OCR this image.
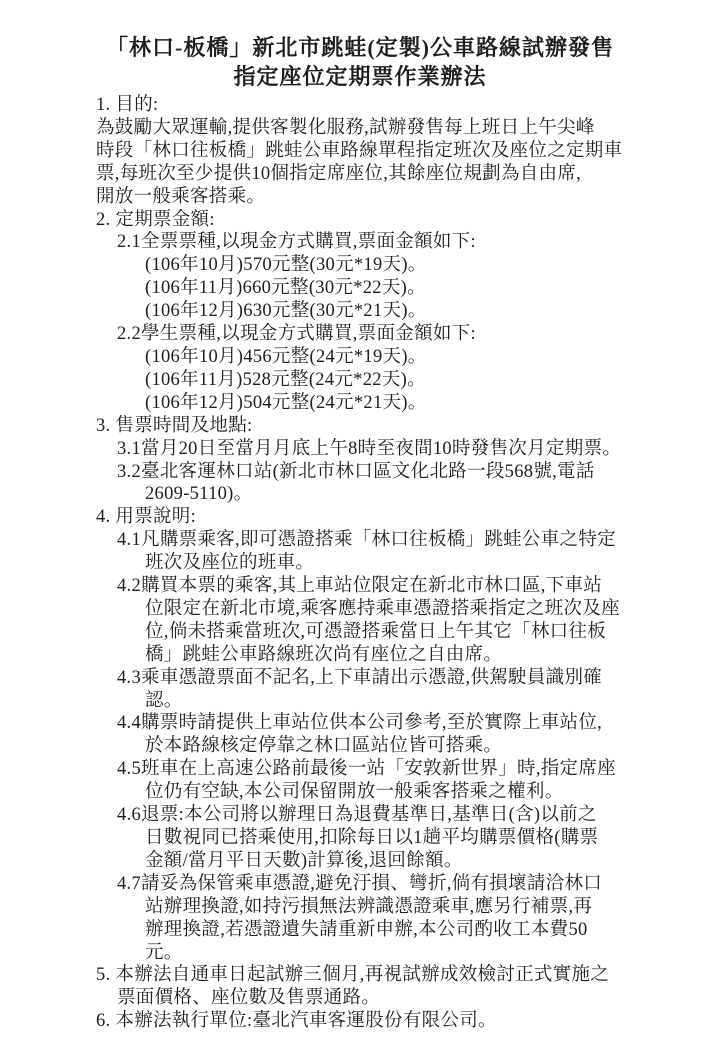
「林口-板橋」新北市跳蛙(定製)公車路線試辦發售
指定座位定期票作業辦法
1. 目的:
為鼓勵大眾運輸,提供客製化服務,試辦發售每上班日上午尖峰
時段「林口往板橋」跳蛙公車路線單程指定班次及座位之定期車
票,每班次至少提供10個指定席座位,其餘座位規劃為自由席,
開放一般乘客搭乘。
2. 定期票金額:
2.1全票票種,以現金方式購買,票面金額如下:
(106年10月)570元整(30元*19天)。
(106年11月)660元整(30元*22天)。
(106年12月)630元整(30元*21天)。
2.2學生票種,以現金方式購買,票面金額如下:
(106年10月)456元整(24元*19天)。
(106年11月)528元整(24元*22天)。
(106年12月)504元整(24元*21天)。
3. 售票時間及地點:
3.1當月20日至當月月底上午8時至夜間10時發售次月定期票。
3.2臺北客運林口站(新北市林口區文化北路一段568號,電話
2609-5110)。
4. 用票說明:
4.1凡購票乘客,即可憑證搭乘「林口往板橋」跳蛙公車之特定
班次及座位的班車。
4.2購買本票的乘客,其上車站位限定在新北市林口區,下車站
位限定在新北市境,乘客應持乘車憑證搭乘指定之班次及座
位,倘未搭乘當班次,可憑證搭乘當日上午其它「林口往板
橋」跳蛙公車路線班次尚有座位之自由席。
4.3乘車憑證票面不記名,上下車請出示憑證,供駕駛員識別確
認。
4.4購票時請提供上車站位供本公司參考,至於實際上車站位,
於本路線核定停靠之林口區站位皆可搭乘。
4.5班車在上高速公路前最後一站「安敦新世界」時,指定席座
位仍有空缺,本公司保留開放一般乘客搭乘之權利。
4.6退票:本公司將以辦理日為退費基準日,基準日(含)以前之
日數視同已搭乘使用,扣除每日以1趟平均購票價格(購票
金額/當月平日天數)計算後,退回餘額。
4.7請妥為保管乘車憑證,避免汙損、彎折,倘有損壞請洽林口
站辦理換證,如持污損無法辨識憑證乘車,應另行補票,再
辦理換證,若憑證遺失請重新申辦,本公司酌收工本費50
元。
5. 本辦法自通車日起試辦三個月,再視試辦成效檢討正式實施之
票面價格、座位數及售票通路。
6. 本辦法執行單位:臺北汽車客運股份有限公司。
